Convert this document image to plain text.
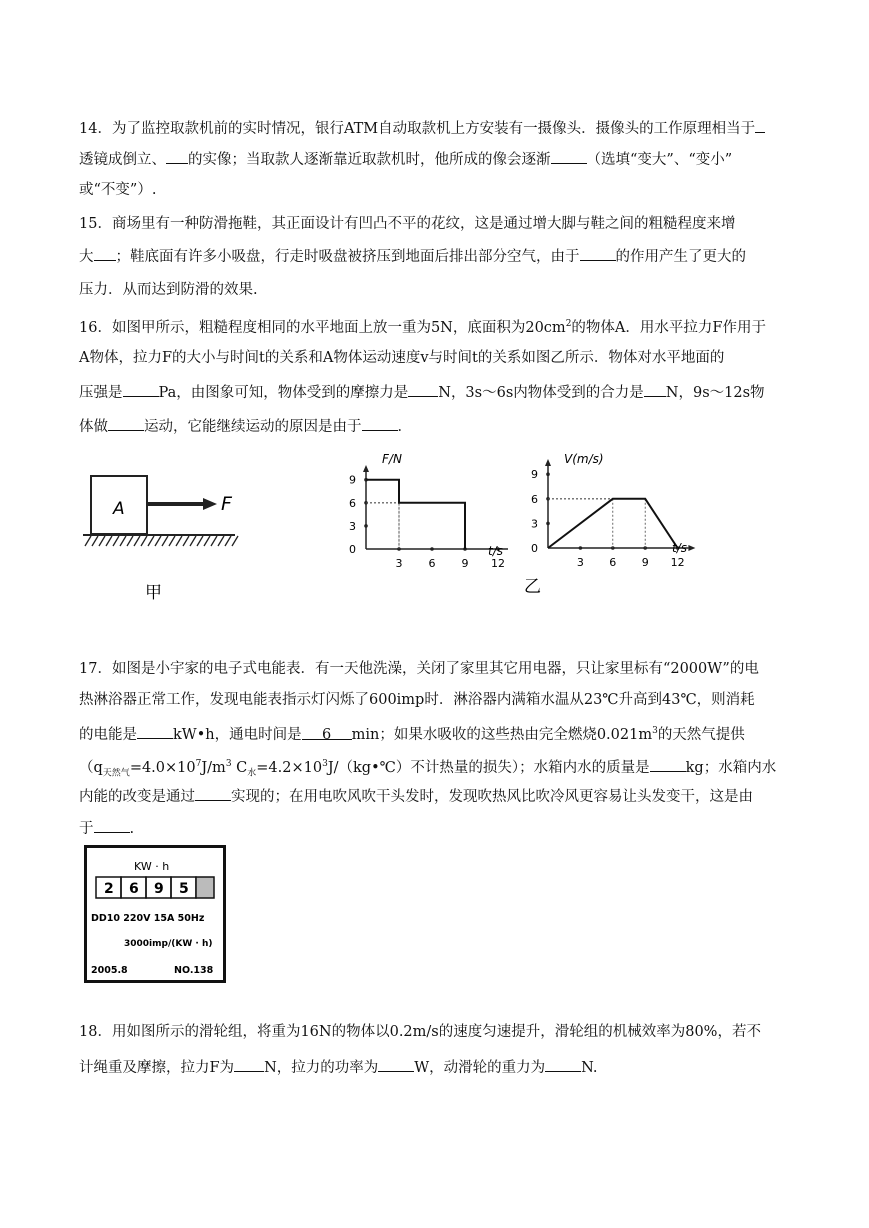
14．为了监控取款机前的实时情况，银行ATM自动取款机上方安装有一摄像头．摄像头的工作原理相当于
透镜成倒立、 的实像；当取款人逐渐靠近取款机时，他所成的像会逐渐 （选填“变大”、“变小”
或“不变”）.
15．商场里有一种防滑拖鞋，其正面设计有凹凸不平的花纹，这是通过增大脚与鞋之间的粗糙程度来增
大 ；鞋底面有许多小吸盘，行走时吸盘被挤压到地面后排出部分空气，由于 的作用产生了更大的
压力．从而达到防滑的效果.
16．如图甲所示，粗糙程度相同的水平地面上放一重为5N，底面积为$20cm^2$的物体A．用水平拉力F作用于
A物体，拉力F的大小与时间t的关系和A物体运动速度v与时间t的关系如图乙所示．物体对水平地面的
压强是 Pa，由图象可知，物体受到的摩擦力是 N，3s～6s内物体受到的合力是 N，9s～12s物
体做 运动，它能继续运动的原因是由于 ．
A	F
甲
0
3
6
9
3 6 9 12
F/N
t/s	0
3
6
9
3 6 9 12
V(m/s)
t/s
乙
17．如图是小宇家的电子式电能表．有一天他洗澡，关闭了家里其它用电器，只让家里标有“2000W”的电
热淋浴器正常工作，发现电能表指示灯闪烁了600imp时．淋浴器内满箱水温从23℃升高到43℃，则消耗
的电能是 kW•h，通电时间是 6 min；如果水吸收的这些热由完全燃烧$0.021m^3$的天然气提供
（$q_{天然气}=4.0\times 10^7J/m^3$ $C_水=4.2\times 10^3J/(kg•℃)$不计热量的损失）；水箱内水的质量是 kg；水箱内水
内能的改变是通过 实现的；在用电吹风吹干头发时，发现吹热风比吹冷风更容易让头发变干，这是由
于 .
KW · h
2 6 9 5
DD10 220V 15A 50Hz
3000imp/(KW · h)
2005.8	NO.138
18．用如图所示的滑轮组，将重为16N的物体以0.2m/s的速度匀速提升，滑轮组的机械效率为80%，若不
计绳重及摩擦，拉力F为 N，拉力的功率为 W，动滑轮的重力为 N.
